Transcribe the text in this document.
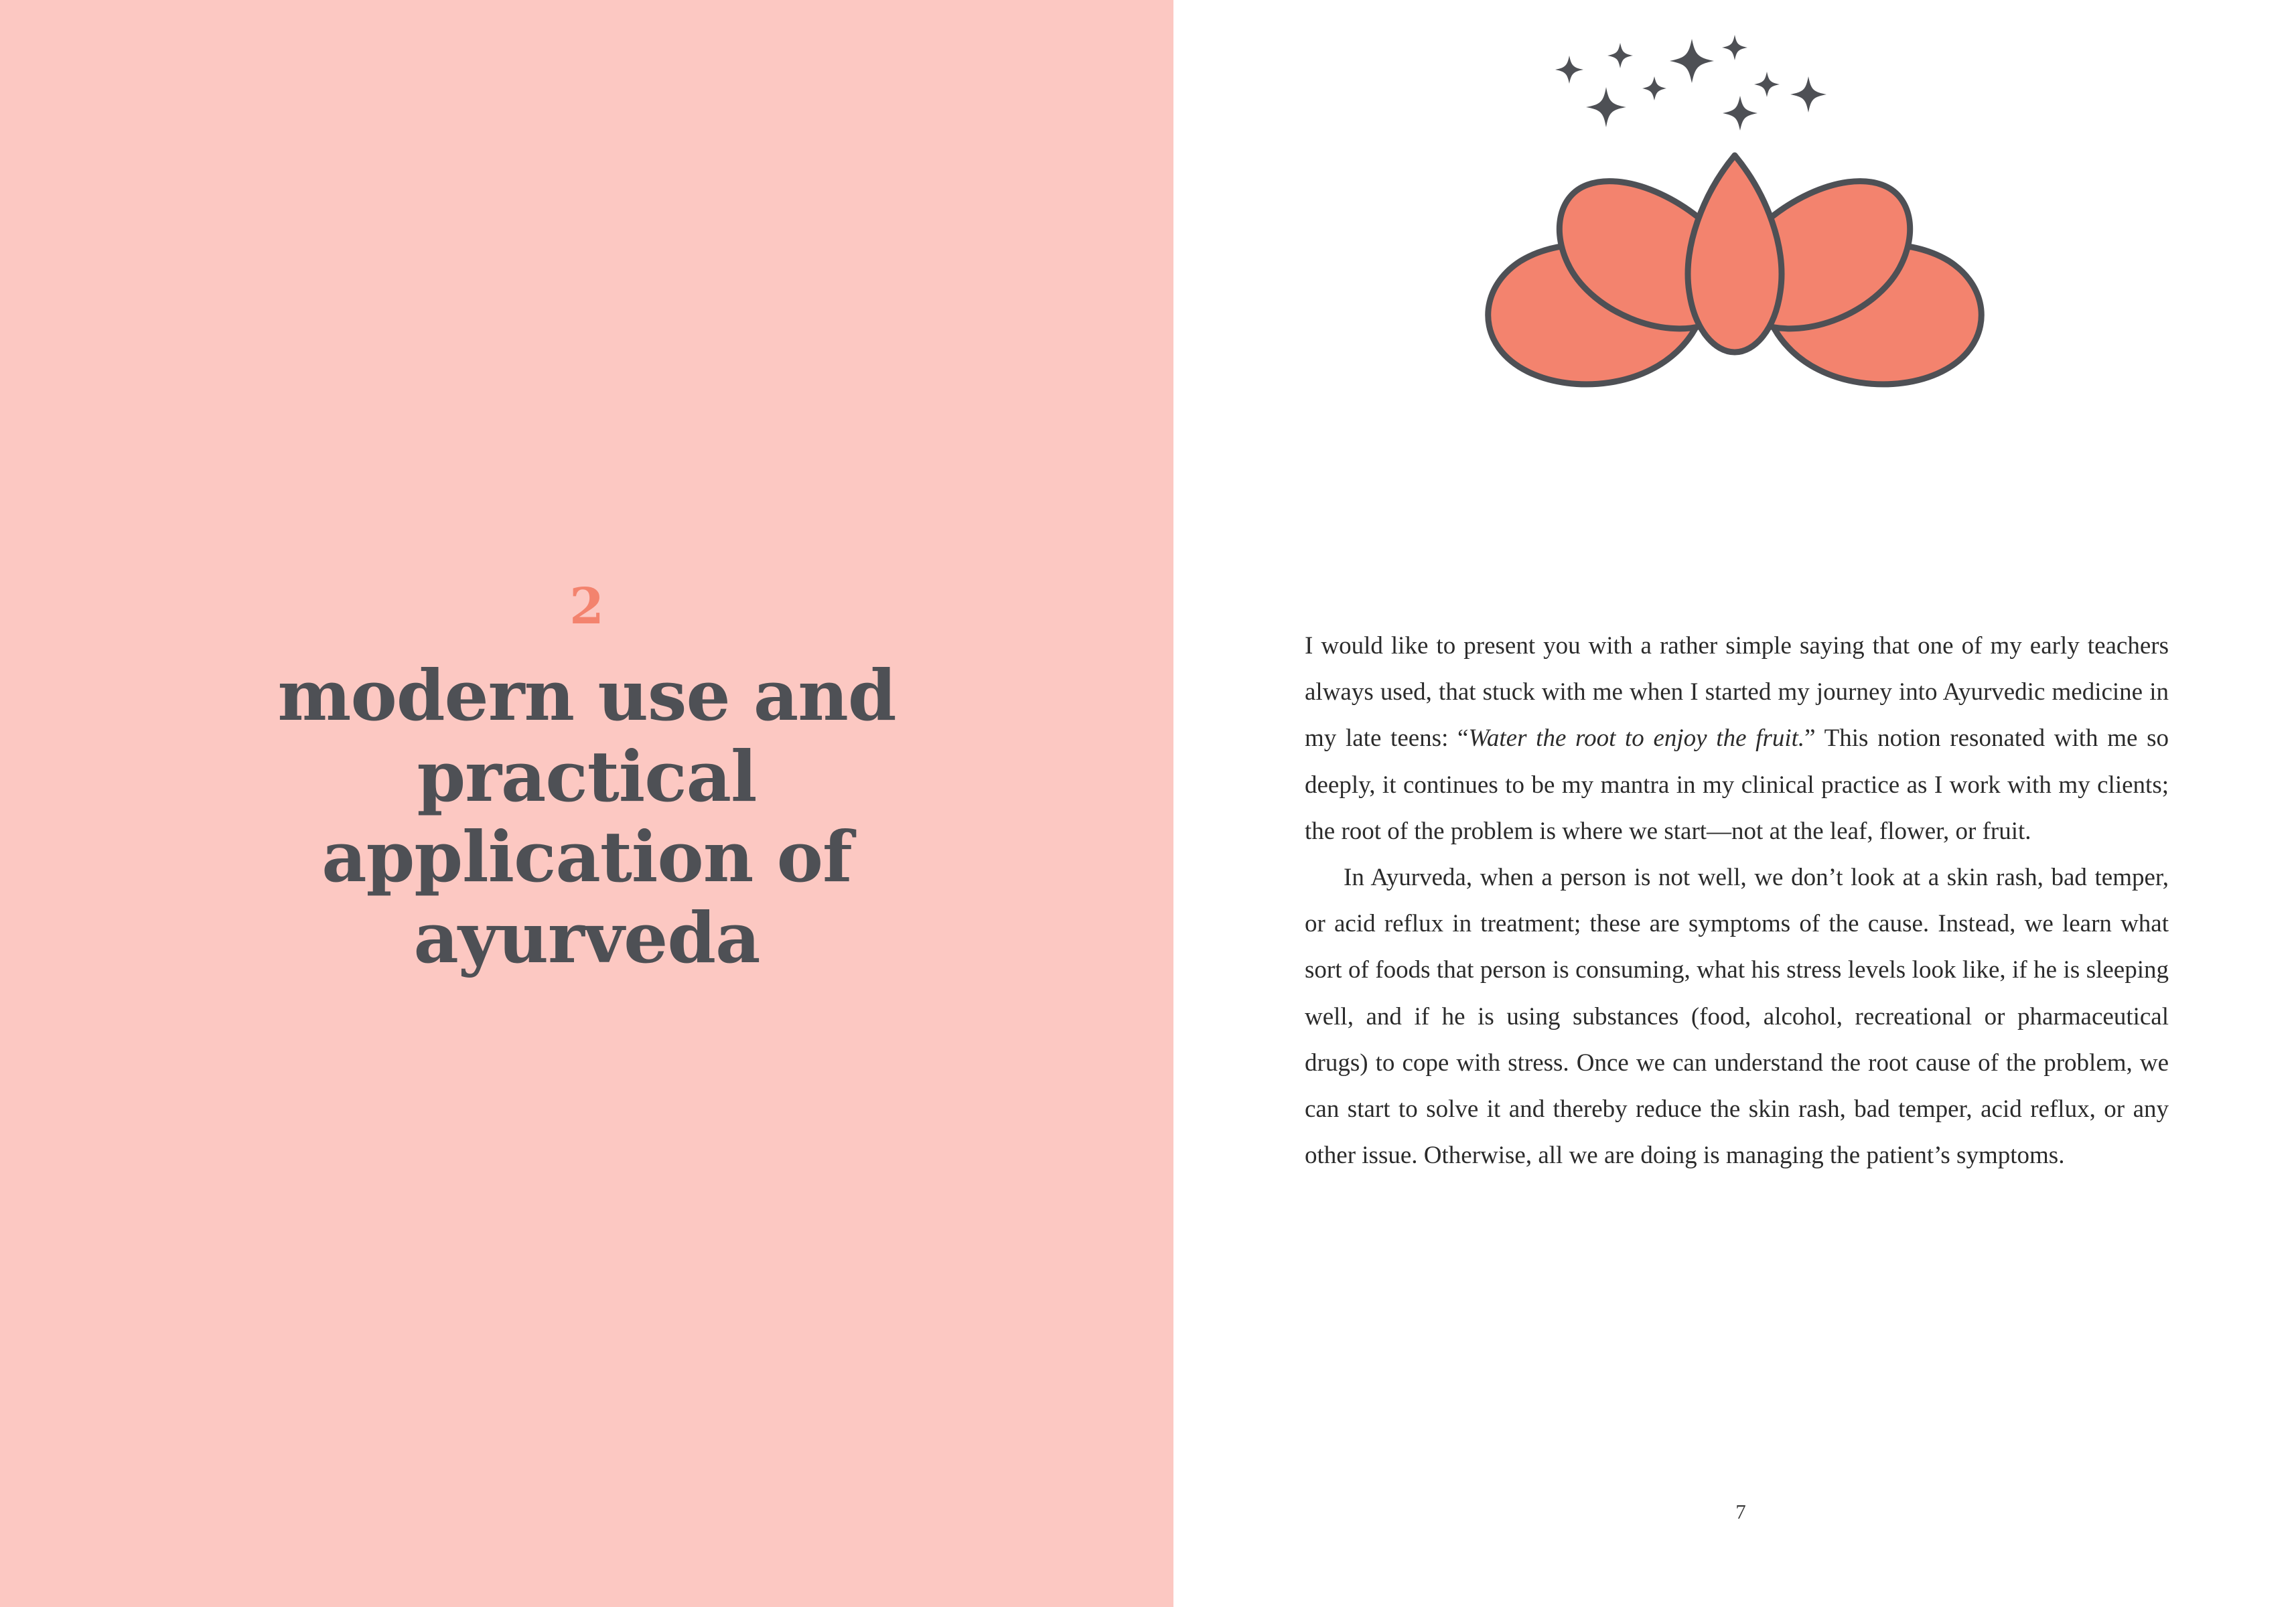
2
modern use and practical application of ayurveda

I would like to present you with a rather simple saying that one of my early teachers always used, that stuck with me when I started my journey into Ayurvedic medicine in my late teens: “Water the root to enjoy the fruit.” This notion resonated with me so deeply, it continues to be my mantra in my clinical practice as I work with my clients; the root of the problem is where we start—not at the leaf, flower, or fruit.

In Ayurveda, when a person is not well, we don’t look at a skin rash, bad temper, or acid reflux in treatment; these are symptoms of the cause. Instead, we learn what sort of foods that person is consuming, what his stress levels look like, if he is sleeping well, and if he is using substances (food, alcohol, recreational or pharmaceutical drugs) to cope with stress. Once we can understand the root cause of the problem, we can start to solve it and thereby reduce the skin rash, bad temper, acid reflux, or any other issue. Otherwise, all we are doing is managing the patient’s symptoms.

7
